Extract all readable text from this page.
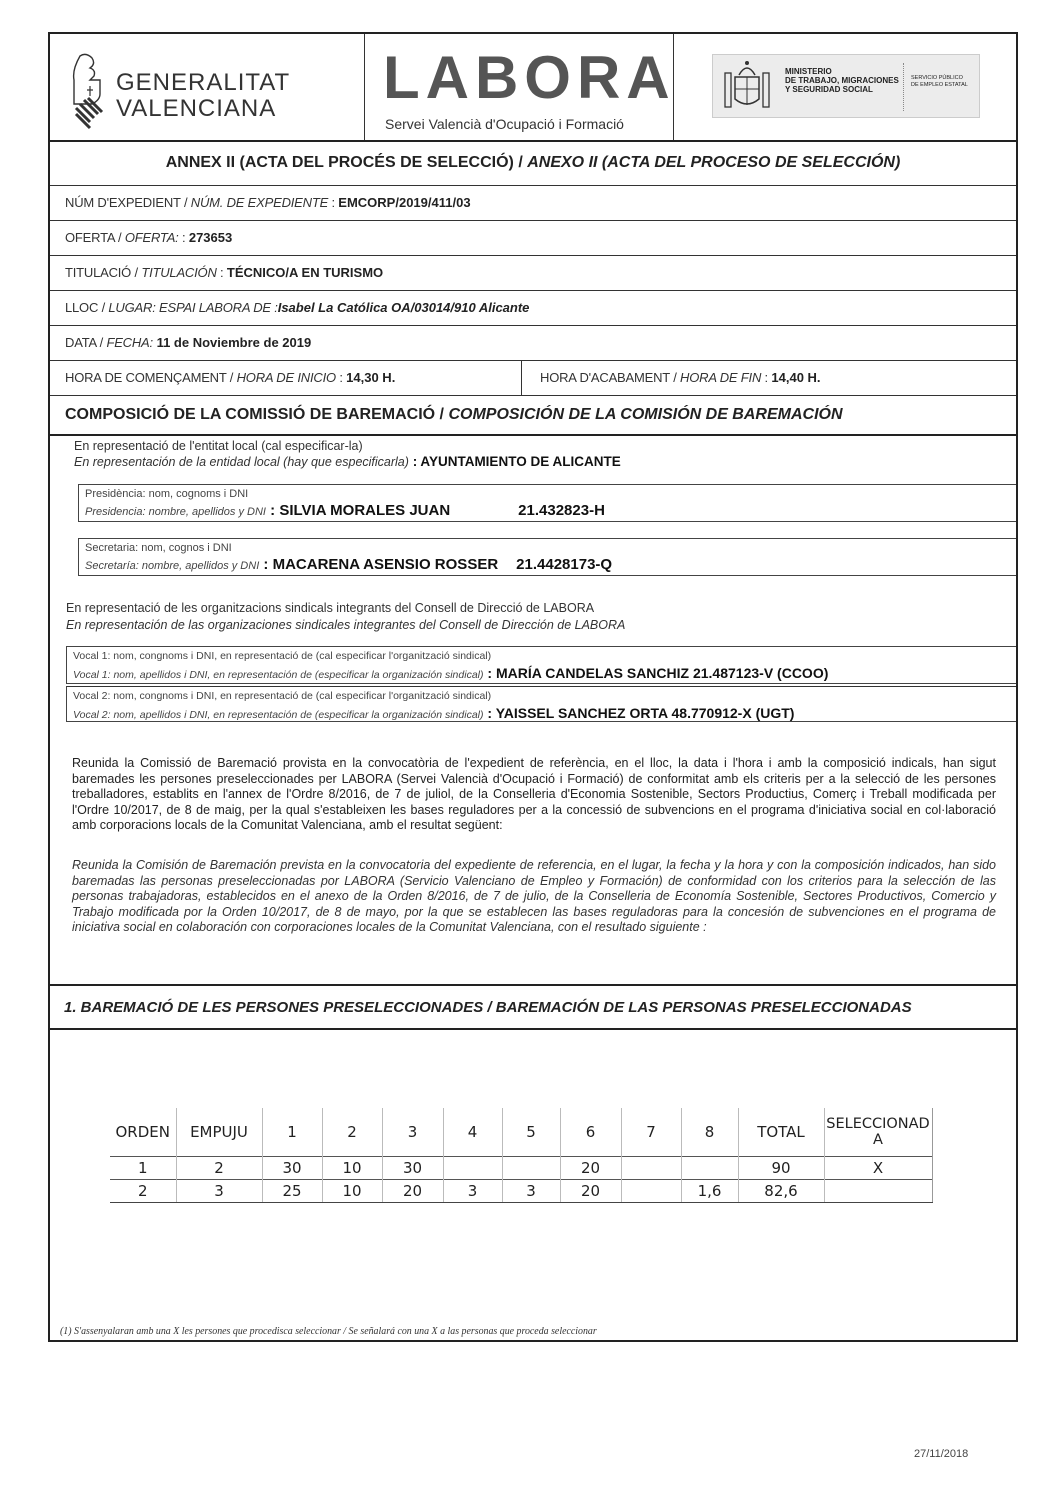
GENERALITAT
VALENCIANA LABORA
Servei Valencià d'Ocupació i Formació
MINISTERIO
DE TRABAJO, MIGRACIONES
Y SEGURIDAD SOCIAL
SERVICIO PÚBLICO
DE EMPLEO ESTATAL
ANNEX II (ACTA DEL PROCÉS DE SELECCIÓ) / ANEXO II (ACTA DEL PROCESO DE SELECCIÓN)
NÚM D'EXPEDIENT / NÚM. DE EXPEDIENTE : EMCORP/2019/411/03
OFERTA / OFERTA: : 273653
TITULACIÓ / TITULACIÓN : TÉCNICO/A EN TURISMO
LLOC / LUGAR: ESPAI LABORA DE :Isabel La Católica OA/03014/910 Alicante
DATA / FECHA: 11 de Noviembre de 2019
HORA DE COMENÇAMENT / HORA DE INICIO : 14,30 H.	HORA D'ACABAMENT / HORA DE FIN : 14,40 H.
COMPOSICIÓ DE LA COMISSIÓ DE BAREMACIÓ / COMPOSICIÓN DE LA COMISIÓN DE BAREMACIÓN
En representació de l'entitat local (cal especificar-la)
En representación de la entidad local (hay que especificarla) : AYUNTAMIENTO DE ALICANTE
Presidència: nom, cognoms i DNI
Presidencia: nombre, apellidos y DNI : SILVIA MORALES JUAN	21.432823-H
Secretaria: nom, cognos i DNI
Secretaría: nombre, apellidos y DNI : MACARENA ASENSIO ROSSER 21.4428173-Q
En representació de les organitzacions sindicals integrants del Consell de Direcció de LABORA
En representación de las organizaciones sindicales integrantes del Consell de Dirección de LABORA
Vocal 1: nom, congnoms i DNI, en representació de (cal especificar l'organització sindical)
Vocal 1: nom, apellidos i DNI, en representación de (especificar la organización sindical) : MARÍA CANDELAS SANCHIZ 21.487123-V (CCOO)
Vocal 2: nom, congnoms i DNI, en representació de (cal especificar l'organització sindical)
Vocal 2: nom, apellidos i DNI, en representación de (especificar la organización sindical) : YAISSEL SANCHEZ ORTA 48.770912-X (UGT)
Reunida la Comissió de Baremació provista en la convocatòria de l'expedient de referència, en el lloc, la data i l'hora i amb la composició indicals, han sigut baremades les persones preseleccionades per LABORA (Servei Valencià d'Ocupació i Formació) de conformitat amb els criteris per a la selecció de les persones treballadores, establits en l'annex de l'Ordre 8/2016, de 7 de juliol, de la Conselleria d'Economia Sostenible, Sectors Productius, Comerç i Treball modificada per l'Ordre 10/2017, de 8 de maig, per la qual s'estableixen les bases reguladores per a la concessió de subvencions en el programa d'iniciativa social en col·laboració amb corporacions locals de la Comunitat Valenciana, amb el resultat següent:
Reunida la Comisión de Baremación prevista en la convocatoria del expediente de referencia, en el lugar, la fecha y la hora y con la composición indicados, han sido baremadas las personas preseleccionadas por LABORA (Servicio Valenciano de Empleo y Formación) de conformidad con los criterios para la selección de las personas trabajadoras, establecidos en el anexo de la Orden 8/2016, de 7 de julio, de la Conselleria de Economía Sostenible, Sectores Productivos, Comercio y Trabajo modificada por la Orden 10/2017, de 8 de mayo, por la que se establecen las bases reguladoras para la concesión de subvenciones en el programa de iniciativa social en colaboración con corporaciones locales de la Comunitat Valenciana, con el resultado siguiente :
1. BAREMACIÓ DE LES PERSONES PRESELECCIONADES / BAREMACIÓN DE LAS PERSONAS PRESELECCIONADAS
ORDEN	EMPUJU	1	2	3	4	5	6	7	8	TOTAL	SELECCIONAD
A

1	2	30	10	30			20			90	X
2	3	25	10	20	3	3	20		1,6	82,6	
(1) S'assenyalaran amb una X les persones que procedisca seleccionar / Se señalará con una X a las personas que proceda seleccionar
27/11/2018
